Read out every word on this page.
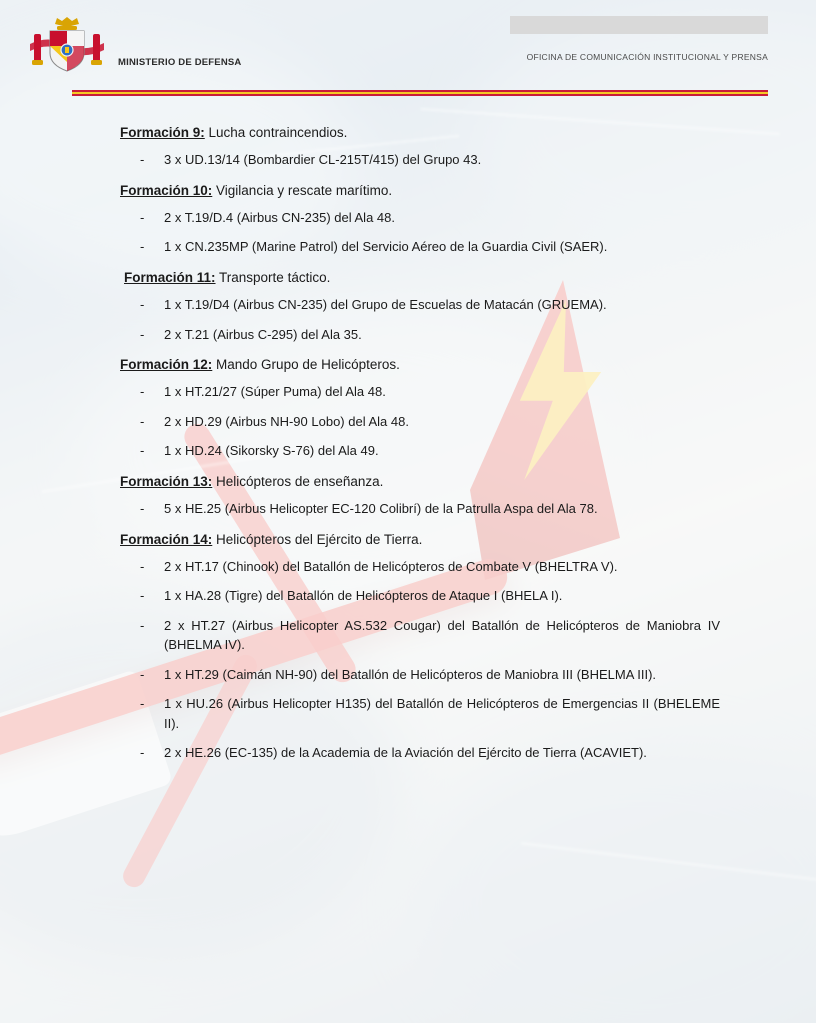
MINISTERIO DE DEFENSA	OFICINA DE COMUNICACIÓN INSTITUCIONAL Y PRENSA

Formación 9: Lucha contraincendios.

- 3 x UD.13/14 (Bombardier CL-215T/415) del Grupo 43.

Formación 10: Vigilancia y rescate marítimo.

- 2 x T.19/D.4 (Airbus CN-235) del Ala 48.
- 1 x CN.235MP (Marine Patrol) del Servicio Aéreo de la Guardia Civil (SAER).

Formación 11: Transporte táctico.

- 1 x T.19/D4 (Airbus CN-235) del Grupo de Escuelas de Matacán (GRUEMA).
- 2 x T.21 (Airbus C-295) del Ala 35.

Formación 12: Mando Grupo de Helicópteros.

- 1 x HT.21/27 (Súper Puma) del Ala 48.
- 2 x HD.29 (Airbus NH-90 Lobo) del Ala 48.
- 1 x HD.24 (Sikorsky S-76) del Ala 49.

Formación 13: Helicópteros de enseñanza.

- 5 x HE.25 (Airbus Helicopter EC-120 Colibrí) de la Patrulla Aspa del Ala 78.

Formación 14: Helicópteros del Ejército de Tierra.

- 2 x HT.17 (Chinook) del Batallón de Helicópteros de Combate V (BHELTRA V).
- 1 x HA.28 (Tigre) del Batallón de Helicópteros de Ataque I (BHELA I).
- 2 x HT.27 (Airbus Helicopter AS.532 Cougar) del Batallón de Helicópteros de Maniobra IV (BHELMA IV).
- 1 x HT.29 (Caimán NH-90) del Batallón de Helicópteros de Maniobra III (BHELMA III).
- 1 x HU.26 (Airbus Helicopter H135) del Batallón de Helicópteros de Emergencias II (BHELEME II).
- 2 x HE.26 (EC-135) de la Academia de la Aviación del Ejército de Tierra (ACAVIET).
